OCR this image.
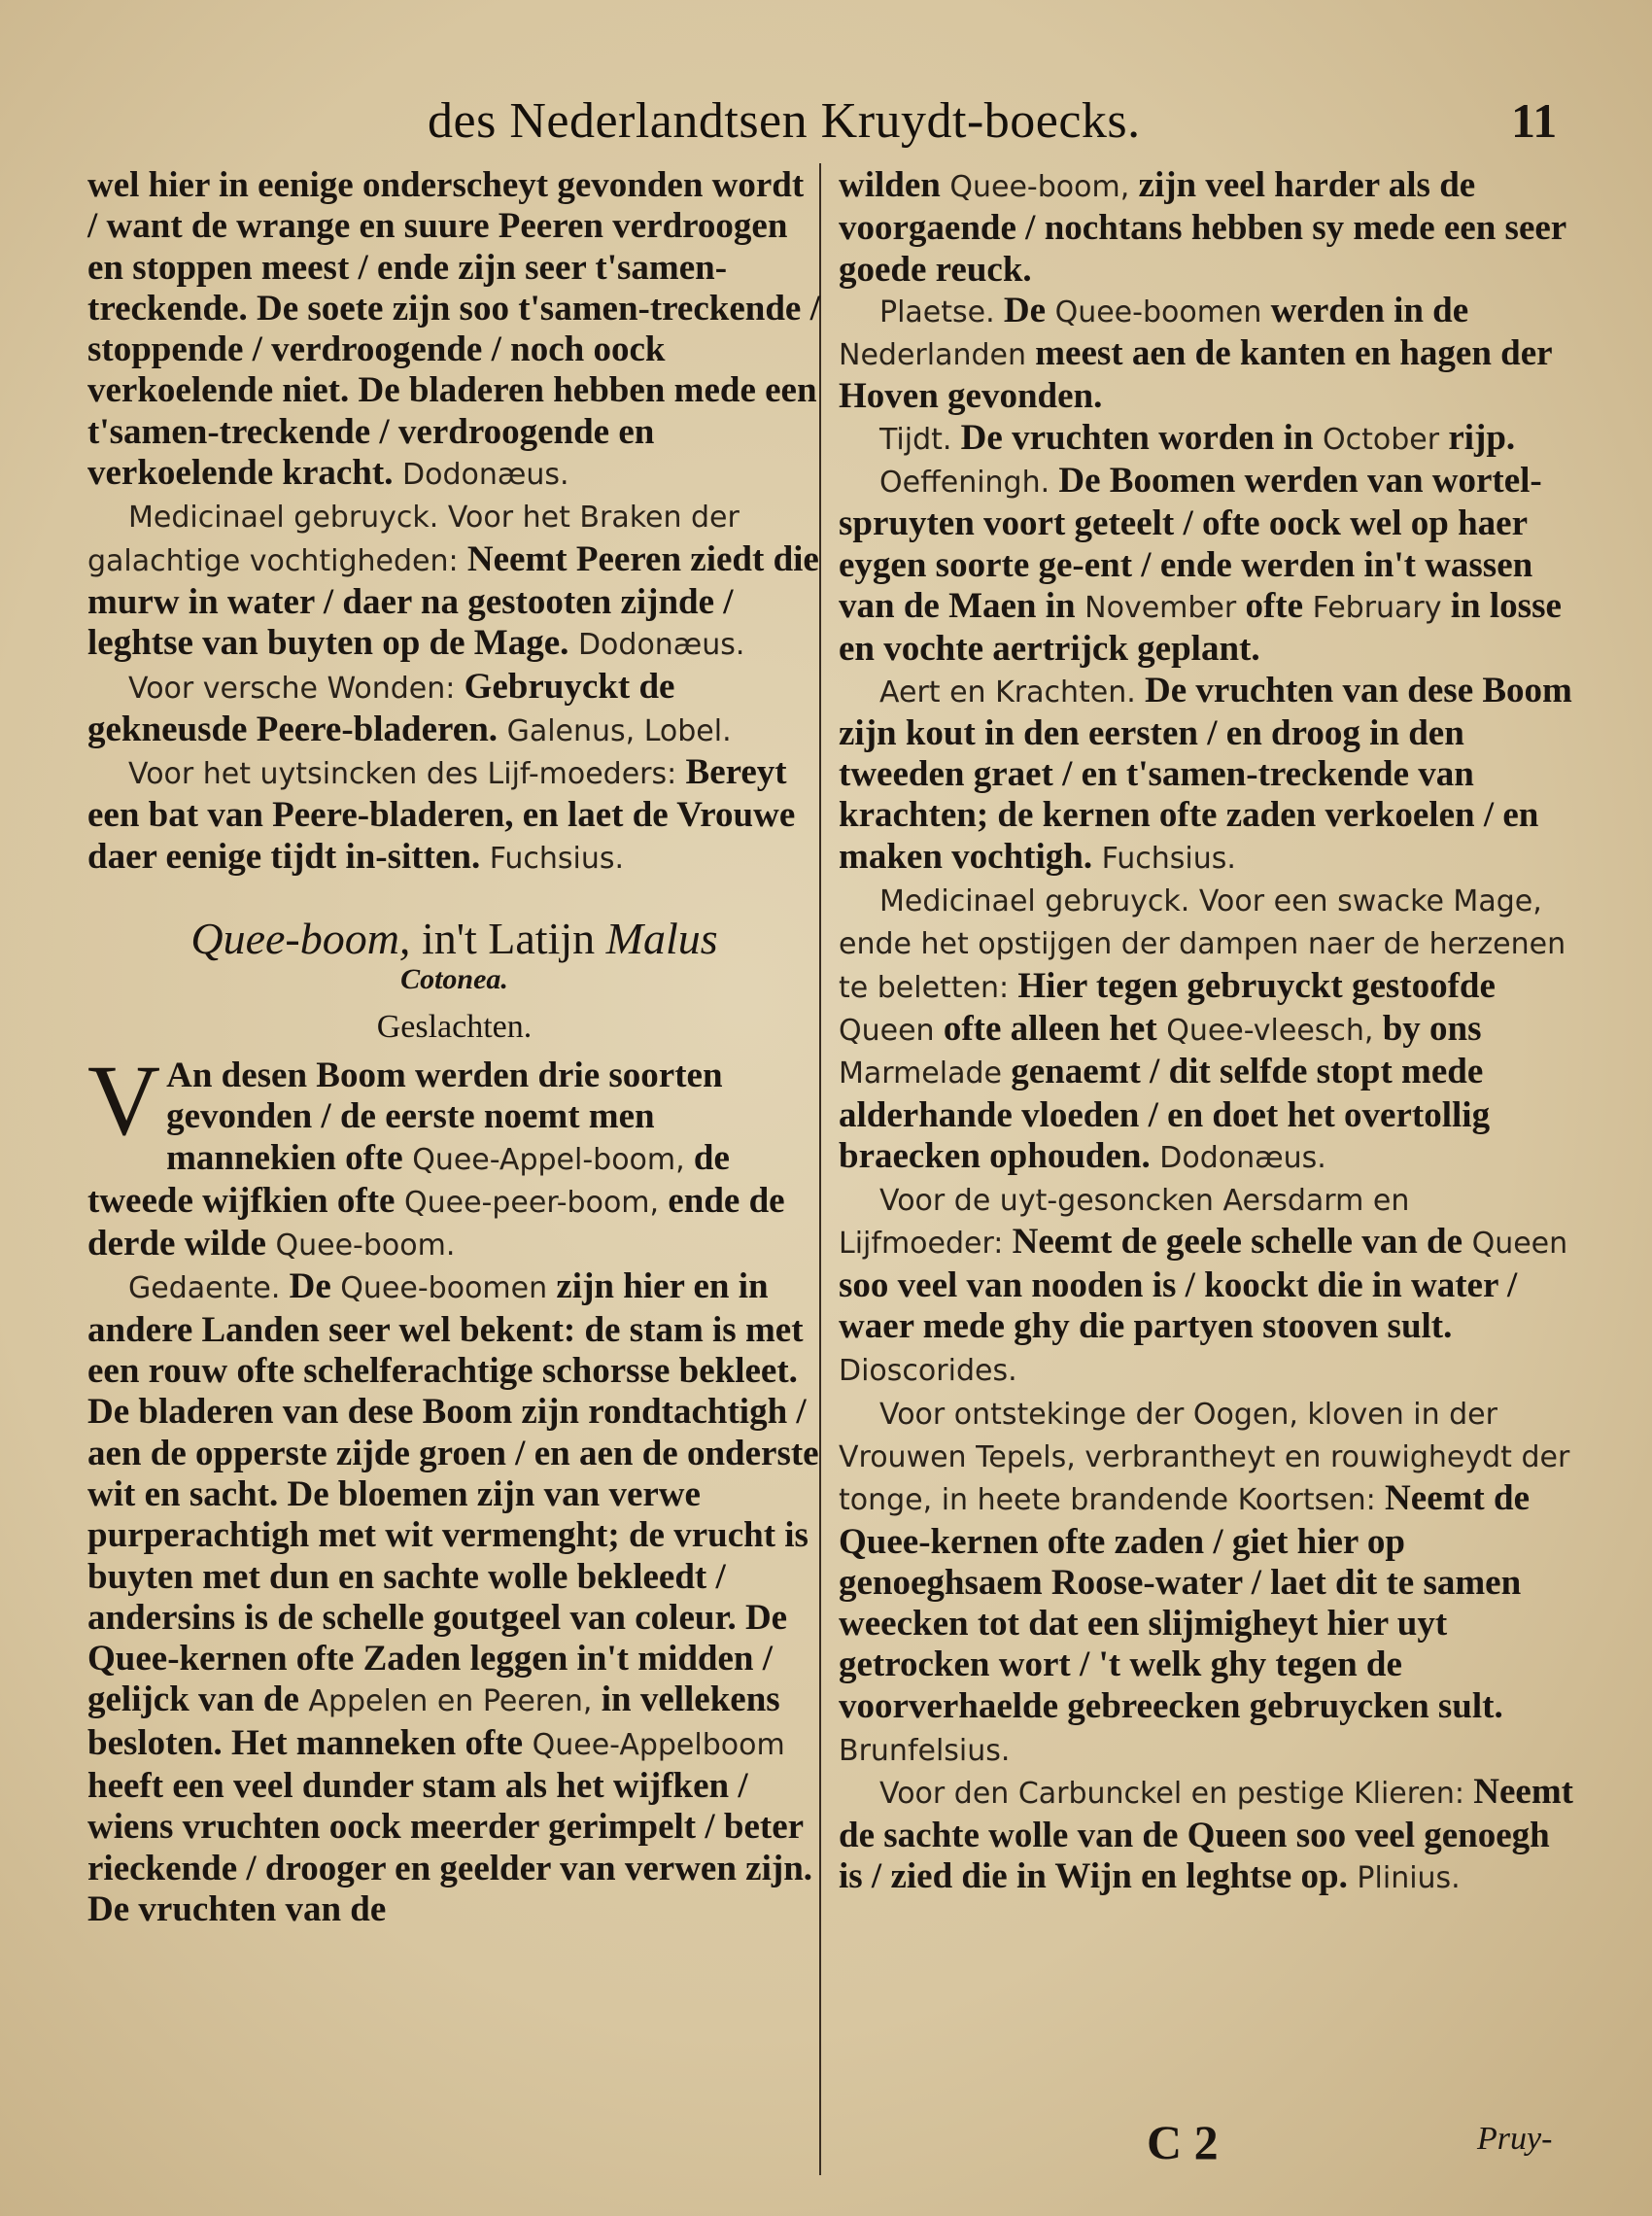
des Nederlandtsen Kruydt-boecks.	11

wel hier in eenige onderscheyt gevonden wordt / want de wrange en suure Peeren verdroogen en stoppen meest / ende zijn seer t'samen-treckende. De soete zijn soo t'samen-treckende / stoppende / verdroogende / noch oock verkoelende niet. De bladeren hebben mede een t'samen-treckende / verdroogende en verkoelende kracht. Dodonæus.

Medicinael gebruyck. Voor het Braken der galachtige vochtigheden: Neemt Peeren ziedt die murw in water / daer na gestooten zijnde / leghtse van buyten op de Mage. Dodonæus.

Voor versche Wonden: Gebruyckt de gekneusde Peere-bladeren. Galenus, Lobel.

Voor het uytsincken des Lijf-moeders: Bereyt een bat van Peere-bladeren, en laet de Vrouwe daer eenige tijdt in-sitten. Fuchsius.

Quee-boom, in't Latijn Malus

Cotonea.

Geslachten.

V An desen Boom werden drie soorten gevonden / de eerste noemt men mannekien ofte Quee-Appel-boom, de tweede wijfkien ofte Quee-peer-boom, ende de derde wilde Quee-boom.

Gedaente. De Quee-boomen zijn hier en in andere Landen seer wel bekent: de stam is met een rouw ofte schelferachtige schorsse bekleet. De bladeren van dese Boom zijn rondtachtigh / aen de opperste zijde groen / en aen de onderste wit en sacht. De bloemen zijn van verwe purperachtigh met wit vermenght; de vrucht is buyten met dun en sachte wolle bekleedt / andersins is de schelle goutgeel van coleur. De Quee-kernen ofte Zaden leggen in't midden / gelijck van de Appelen en Peeren, in vellekens besloten. Het manneken ofte Quee-Appelboom heeft een veel dunder stam als het wijfken / wiens vruchten oock meerder gerimpelt / beter rieckende / drooger en geelder van verwen zijn. De vruchten van de

wilden Quee-boom, zijn veel harder als de voorgaende / nochtans hebben sy mede een seer goede reuck.

Plaetse. De Quee-boomen werden in de Nederlanden meest aen de kanten en hagen der Hoven gevonden.

Tijdt. De vruchten worden in October rijp.

Oeffeningh. De Boomen werden van wortel-spruyten voort geteelt / ofte oock wel op haer eygen soorte ge-ent / ende werden in't wassen van de Maen in November ofte February in losse en vochte aertrijck geplant.

Aert en Krachten. De vruchten van dese Boom zijn kout in den eersten / en droog in den tweeden graet / en t'samen-treckende van krachten; de kernen ofte zaden verkoelen / en maken vochtigh. Fuchsius.

Medicinael gebruyck. Voor een swacke Mage, ende het opstijgen der dampen naer de herzenen te beletten: Hier tegen gebruyckt gestoofde Queen ofte alleen het Quee-vleesch, by ons Marmelade genaemt / dit selfde stopt mede alderhande vloeden / en doet het overtollig braecken ophouden. Dodonæus.

Voor de uyt-gesoncken Aersdarm en Lijfmoeder: Neemt de geele schelle van de Queen soo veel van nooden is / koockt die in water / waer mede ghy die partyen stooven sult. Dioscorides.

Voor ontstekinge der Oogen, kloven in der Vrouwen Tepels, verbrantheyt en rouwigheydt der tonge, in heete brandende Koortsen: Neemt de Quee-kernen ofte zaden / giet hier op genoeghsaem Roose-water / laet dit te samen weecken tot dat een slijmigheyt hier uyt getrocken wort / 't welk ghy tegen de voorverhaelde gebreecken gebruycken sult. Brunfelsius.

Voor den Carbunckel en pestige Klieren: Neemt de sachte wolle van de Queen soo veel genoegh is / zied die in Wijn en leghtse op. Plinius.

C 2	Pruy-
